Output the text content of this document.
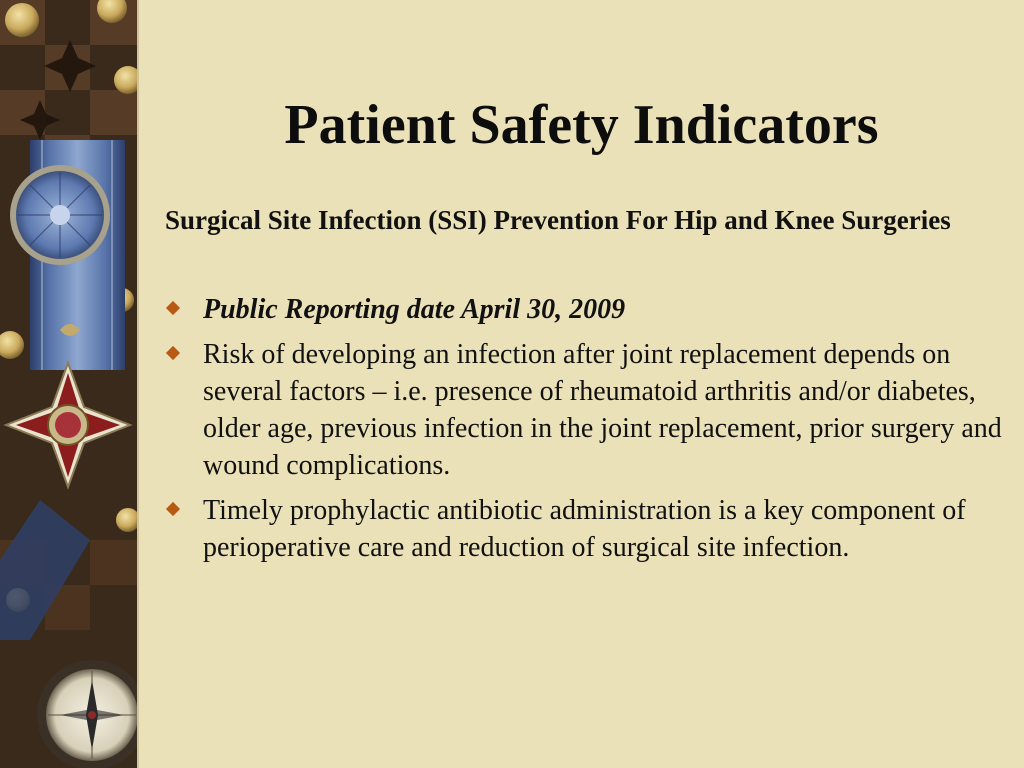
Patient Safety Indicators

Surgical Site Infection (SSI) Prevention For Hip and Knee Surgeries

Public Reporting date April 30, 2009
Risk of developing an infection after joint replacement depends on several factors – i.e. presence of rheumatoid arthritis and/or diabetes, older age, previous infection in the joint replacement, prior surgery and wound complications.
Timely prophylactic antibiotic administration is a key component of perioperative care and reduction of surgical site infection.
